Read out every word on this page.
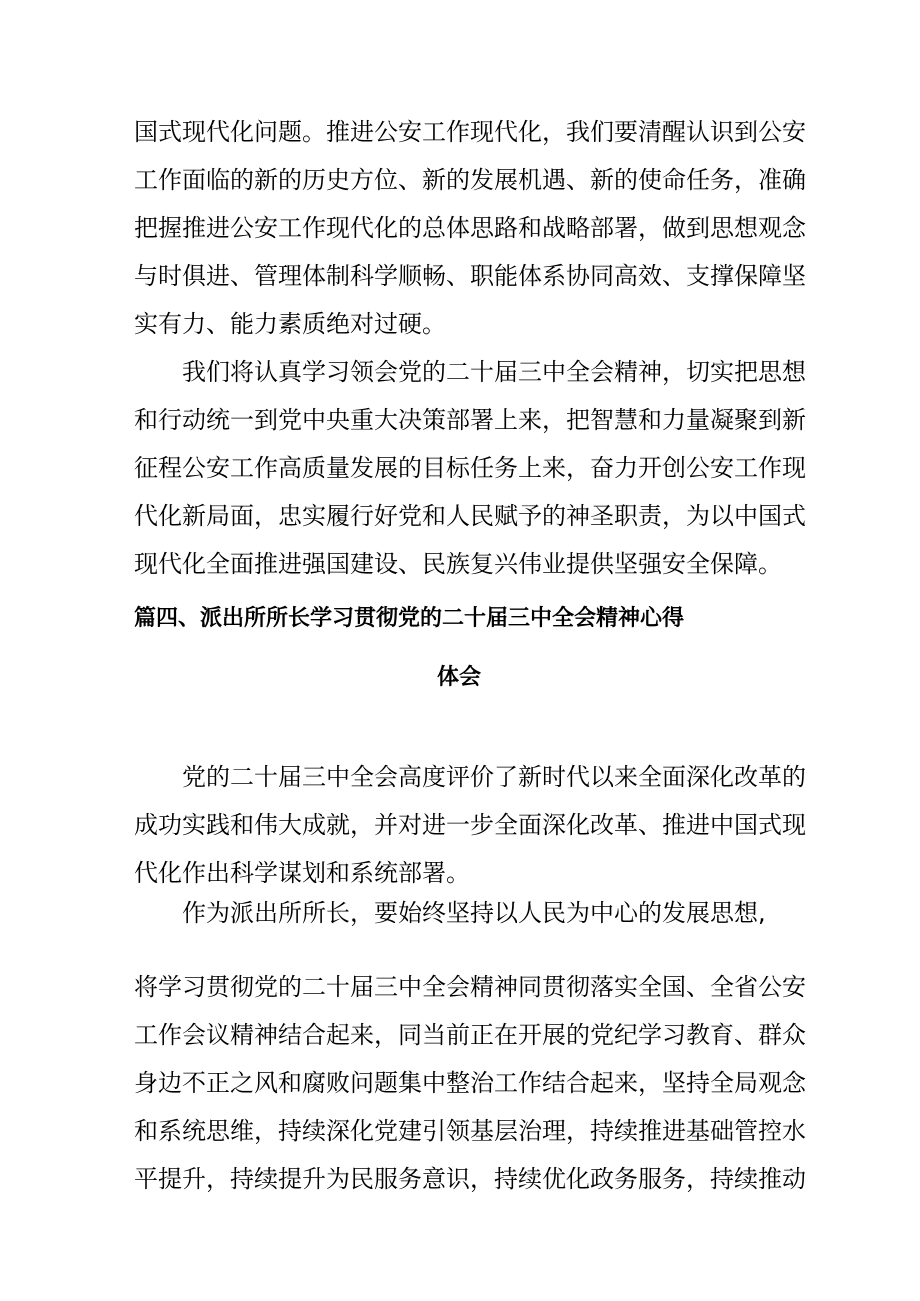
国式现代化问题。推进公安工作现代化，我们要清醒认识到公安
工作面临的新的历史方位、新的发展机遇、新的使命任务，准确
把握推进公安工作现代化的总体思路和战略部署，做到思想观念
与时俱进、管理体制科学顺畅、职能体系协同高效、支撑保障坚
实有力、能力素质绝对过硬。
我们将认真学习领会党的二十届三中全会精神，切实把思想
和行动统一到党中央重大决策部署上来，把智慧和力量凝聚到新
征程公安工作高质量发展的目标任务上来，奋力开创公安工作现
代化新局面，忠实履行好党和人民赋予的神圣职责，为以中国式
现代化全面推进强国建设、民族复兴伟业提供坚强安全保障。
篇四、派出所所长学习贯彻党的二十届三中全会精神心得
体会
党的二十届三中全会高度评价了新时代以来全面深化改革的
成功实践和伟大成就，并对进一步全面深化改革、推进中国式现
代化作出科学谋划和系统部署。
作为派出所所长，要始终坚持以人民为中心的发展思想,
将学习贯彻党的二十届三中全会精神同贯彻落实全国、全省公安
工作会议精神结合起来，同当前正在开展的党纪学习教育、群众
身边不正之风和腐败问题集中整治工作结合起来，坚持全局观念
和系统思维，持续深化党建引领基层治理，持续推进基础管控水
平提升，持续提升为民服务意识，持续优化政务服务，持续推动
